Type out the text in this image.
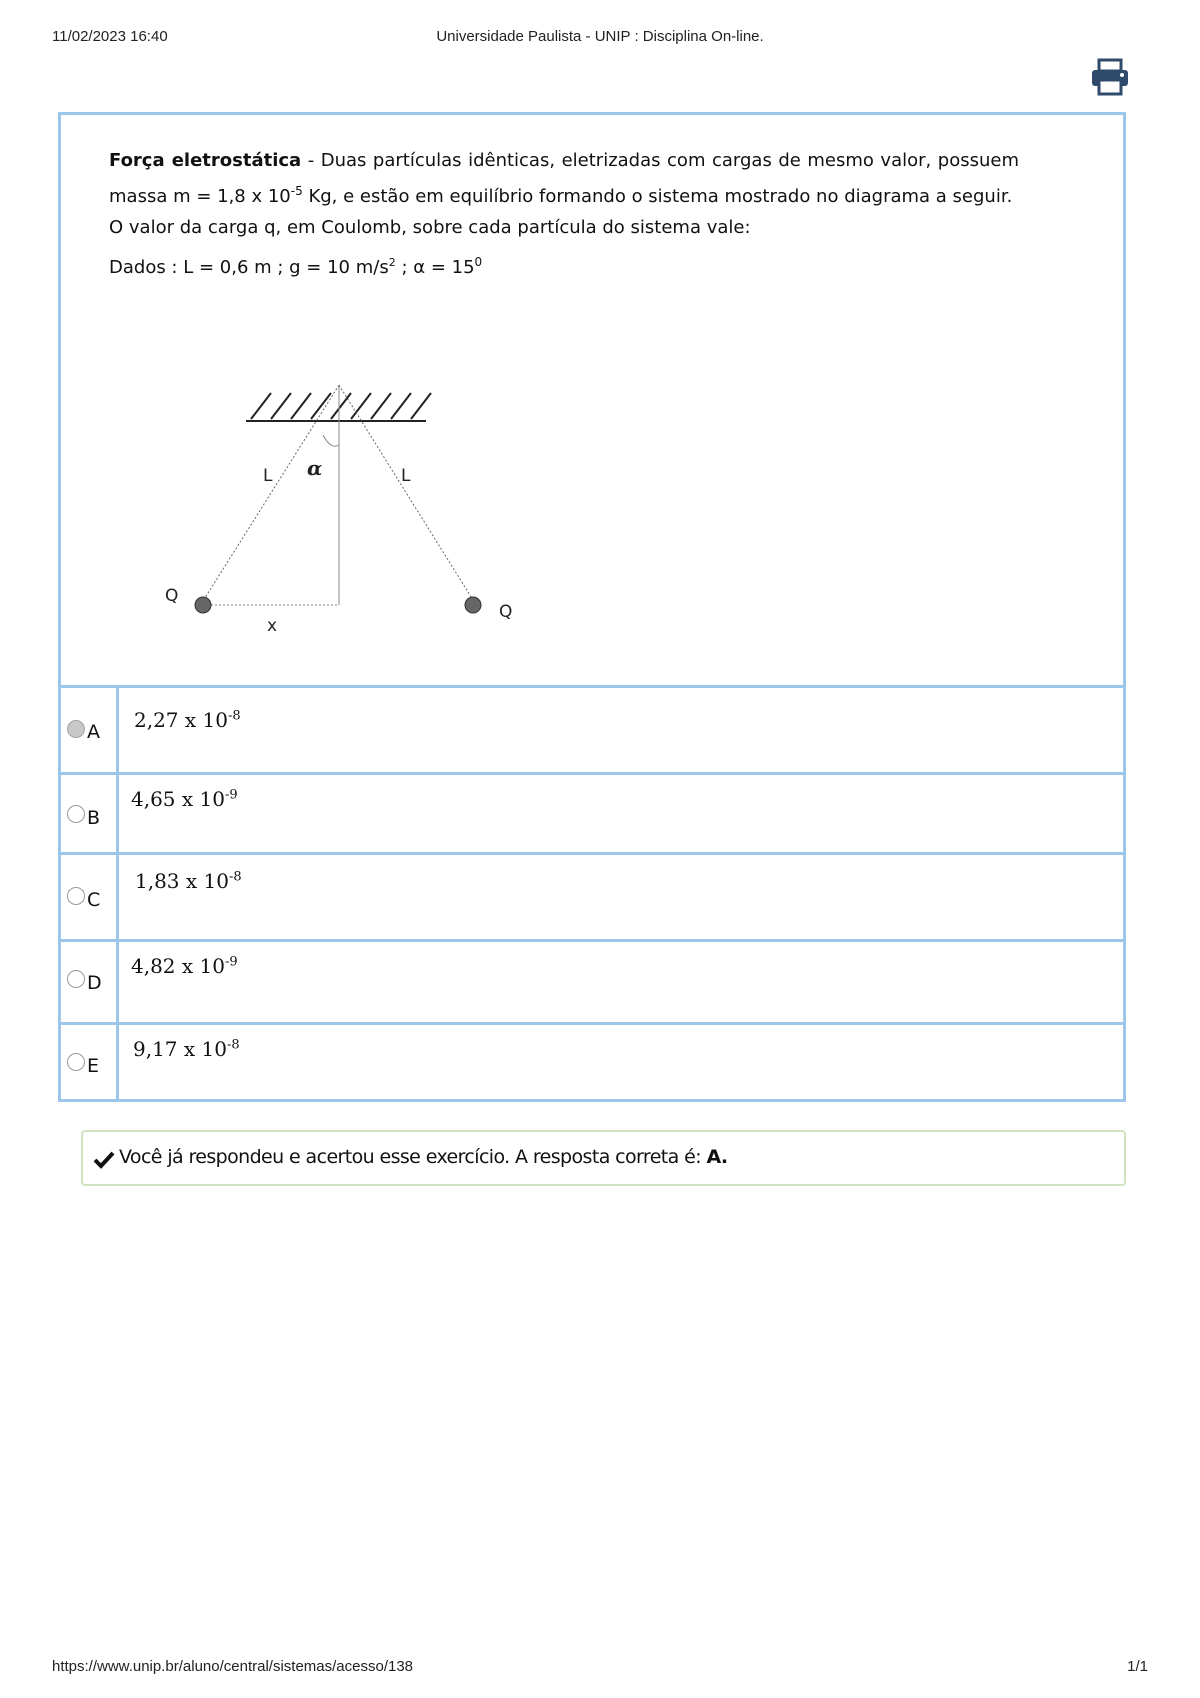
11/02/2023 16:40	Universidade Paulista - UNIP : Disciplina On-line.
Força eletrostática - Duas partículas idênticas, eletrizadas com cargas de mesmo valor, possuem massa m = 1,8 x $10^{-5}$ Kg, e estão em equilíbrio formando o sistema mostrado no diagrama a seguir.
O valor da carga q, em Coulomb, sobre cada partícula do sistema vale:
Dados : L = 0,6 m ; g = 10 $m/s^2$ ; $\alpha = 15^0$
L α	L
Q
Q
x
A 2,27 x $10^{-8}$
B
4,65 x $10^{-9}$
C
1,83 x $10^{-8}$
D
4,82 x $10^{-9}$
E
9,17 x $10^{-8}$
Você já respondeu e acertou esse exercício. A resposta correta é: A.
https://www.unip.br/aluno/central/sistemas/acesso/138	1/1
